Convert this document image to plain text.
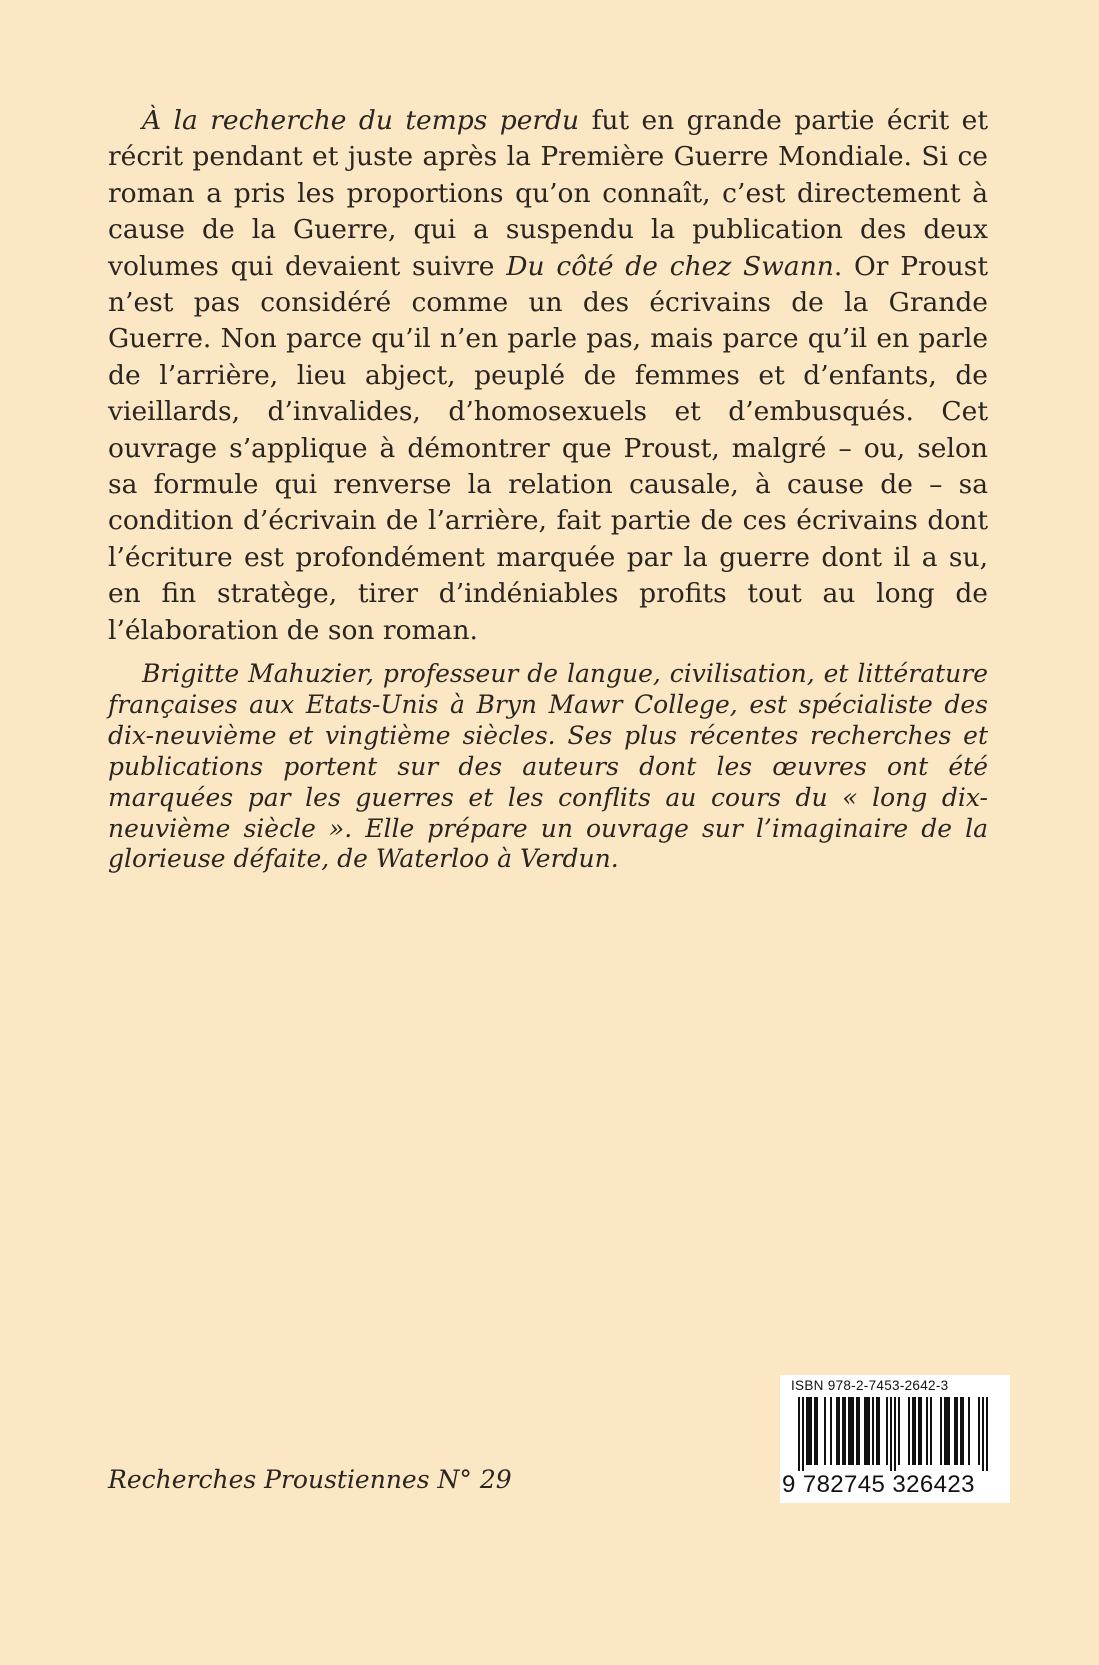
À la recherche du temps perdu fut en grande partie écrit et récrit pendant et juste après la Première Guerre Mondiale. Si ce roman a pris les proportions qu’on connaît, c’est directement à cause de la Guerre, qui a suspendu la publication des deux volumes qui devaient suivre Du côté de chez Swann. Or Proust n’est pas considéré comme un des écrivains de la Grande Guerre. Non parce qu’il n’en parle pas, mais parce qu’il en parle de l’arrière, lieu abject, peuplé de femmes et d’enfants, de vieillards, d’invalides, d’homosexuels et d’embusqués. Cet ouvrage s’applique à démontrer que Proust, malgré – ou, selon sa formule qui renverse la relation causale, à cause de – sa condition d’écrivain de l’arrière, fait partie de ces écrivains dont l’écriture est profondément marquée par la guerre dont il a su, en fin stratège, tirer d’indéniables profits tout au long de l’élaboration de son roman.

Brigitte Mahuzier, professeur de langue, civilisation, et littérature françaises aux Etats-Unis à Bryn Mawr College, est spécialiste des dix-neuvième et vingtième siècles. Ses plus récentes recherches et publications portent sur des auteurs dont les œuvres ont été marquées par les guerres et les conflits au cours du « long dix-neuvième siècle ». Elle prépare un ouvrage sur l’imaginaire de la glorieuse défaite, de Waterloo à Verdun.

Recherches Proustiennes N° 29
ISBN 978-2-7453-2642-3
9 782745 326423
